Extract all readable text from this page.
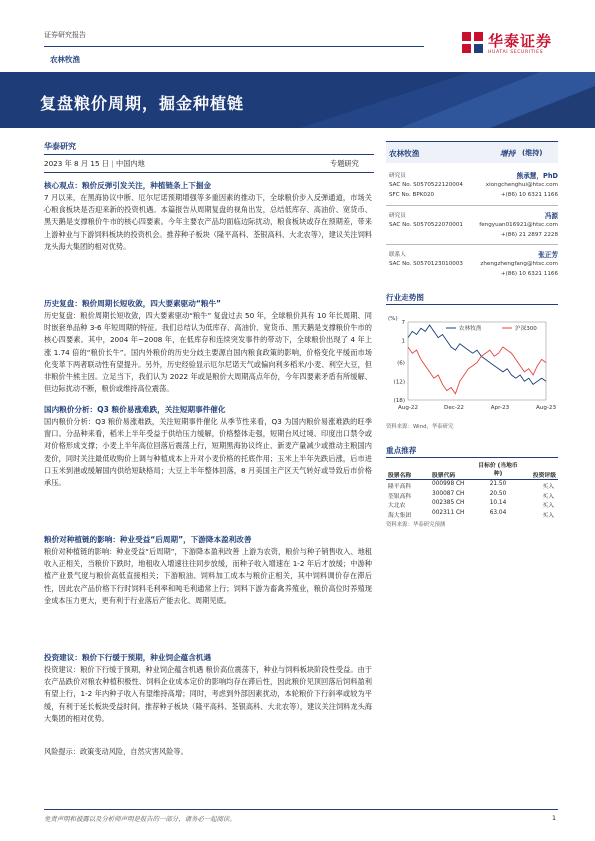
证券研究报告
农林牧渔
华泰证券
HUATAI SECURITIES
复盘粮价周期，掘金种植链
华泰研究
2023 年 8 月 15 日 | 中国内地	专题研究
核心观点：粮价反弹引发关注，种植链条上下掘金
7 月以来，在黑海协议中断、厄尔尼诺预期增强等多重因素的推动下，全球粮价步入反弹通道，市场关心粮食板块是否迎来新的投资机遇。本篇报告从周期复盘的视角出发，总结低库存、高油价、宽货币、黑天鹅是支撑粮价牛市的核心四要素。今年主要农产品均面临边际扰动，粮食板块或存在预期差，带来上游种业与下游饲料板块的投资机会。推荐种子板块（隆平高科、荃银高科、大北农等），建议关注饲料龙头海大集团的相对优势。
历史复盘：粮价周期长短收敛，四大要素驱动“粮牛”
历史复盘：粮价周期长短收敛，四大要素驱动“粮牛” 复盘过去 50 年，全球粮价具有 10 年长周期、同时嵌套单品种 3-6 年短周期的特征。我们总结认为低库存、高油价、宽货币、黑天鹅是支撑粮价牛市的核心四要素。其中，2004 年~2008 年，在低库存和连续突发事件的带动下，全球粮价出现了 4 年上涨 1.74 倍的“粮价长牛”。国内外粮价的历史分歧主要源自国内粮食政策的影响，价格变化平缓而市场化变革下两者联动性有望提升。另外，历史经验显示厄尔尼诺天气或偏向利多稻米/小麦、利空大豆，但非粮价牛熊主因。立足当下，我们认为 2022 年或是粮价大周期高点年份，今年四要素矛盾有所缓解、但边际扰动不断，粮价或维持高位震荡。
国内粮价分析：Q3 粮价易涨难跌，关注短期事件催化
国内粮价分析：Q3 粮价易涨难跌，关注短期事件催化 从季节性来看，Q3 为国内粮价易涨难跌的旺季窗口。分品种来看，稻米上半年受益于供给压力缓解，价格整体走强，短期台风过境、印度出口禁令或对价格形成支撑；小麦上半年高位回落后震荡上行，短期黑海协议终止、新麦产量减少或推动主粮国内麦价，同时关注最低收购价上调与种植成本上升对小麦价格的托底作用；玉米上半年先跌后涨，后市进口玉米到港或缓解国内供给短缺格局；大豆上半年整体回落，8 月美国主产区天气转好或导致后市价格承压。
粮价对种植链的影响：种业受益“后周期”，下游降本盈利改善
粮价对种植链的影响：种业受益“后周期”，下游降本盈利改善 上游为农资，粮价与种子销售收入、地租收入正相关，当粮价下跌时，地租收入增速往往同步放缓，而种子收入增速在 1-2 年后才放缓；中游种植产业景气度与粮价高低直接相关；下游粮油、饲料加工成本与粮价正相关，其中饲料调价存在滞后性，因此农产品价格下行时饲料毛利率和吨毛利通常上行；饲料下游为畜禽养殖业，粮价高位时养殖现金成本压力更大，更有利于行业落后产能去化、周期见底。
投资建议：粮价下行缓于预期，种业饲企蕴含机遇
投资建议：粮价下行缓于预期，种业饲企蕴含机遇 粮价高位震荡下，种业与饲料板块阶段性受益。由于农产品跌价对粮农种植积极性、饲料企业成本定价的影响均存在滞后性，因此粮价见顶回落后饲料盈利有望上行，1-2 年内种子收入有望维持高增；同时，考虑到外部因素扰动，本轮粮价下行斜率或较为平缓，有利于延长板块受益时间。推荐种子板块（隆平高科、荃银高科、大北农等），建议关注饲料龙头海大集团的相对优势。
风险提示：政策变动风险，自然灾害风险等。
农林牧渔	增持 (维持)
研究员	熊承慧，PhD
SAC No. S0570522120004	xiongchenghui@htsc.com
SFC No. BPK020	+(86) 10 6321 1166
研究员	冯源
SAC No. S0570522070001	fengyuan016921@htsc.com
+(86) 21 2897 2228
联系人	张正芳
SAC No. S0570123010003	zhengzhengfang@htsc.com
+(86) 10 6321 1166
行业走势图
(%)
7
1
(6)
(12)
(18)
Aug-22	Dec-22	Apr-23	Aug-23
农林牧渔	沪深300
资料来源：Wind，华泰研究
重点推荐
股票名称	股票代码
目标价 (当地币种)	投资评级
隆平高科	000998 CH	21.50	买入
荃银高科	300087 CH	20.50	买入
大北农	002385 CH	10.14	买入
海大集团	002311 CH	63.04	买入
资料来源：华泰研究预测
免责声明和披露以及分析师声明是报告的一部分，请务必一起阅读。	1
